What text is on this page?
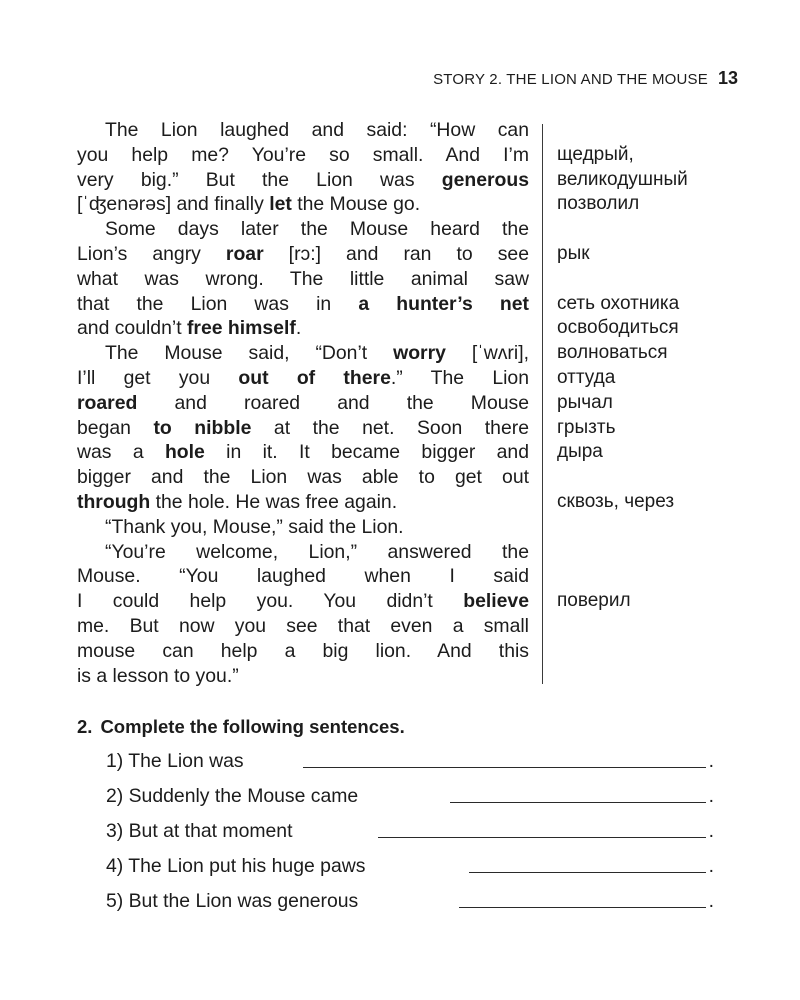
STORY 2. THE LION AND THE MOUSE 13
The Lion laughed and said: “How can
you help me? You’re so small. And I’m
very big.” But the Lion was generous
[ˈʤenərəs] and finally let the Mouse go.
Some days later the Mouse heard the
Lion’s angry roar [rɔ:] and ran to see
what was wrong. The little animal saw
that the Lion was in a hunter’s net
and couldn’t free himself.
The Mouse said, “Don’t worry [ˈwʌri],
I’ll get you out of there.” The Lion
roared and roared and the Mouse
began to nibble at the net. Soon there
was a hole in it. It became bigger and
bigger and the Lion was able to get out
through the hole. He was free again.
“Thank you, Mouse,” said the Lion.
“You’re welcome, Lion,” answered the
Mouse. “You laughed when I said
I could help you. You didn’t believe
me. But now you see that even a small
mouse can help a big lion. And this
is a lesson to you.”
щедрый,
великодушный
позволил
рык
сеть охотника
освободиться
волноваться
оттуда
рычал
грызть
дыра
сквозь, через
поверил
2. Complete the following sentences.
1) The Lion was	.
2) Suddenly the Mouse came	.
3) But at that moment	.
4) The Lion put his huge paws	.
5) But the Lion was generous	.
